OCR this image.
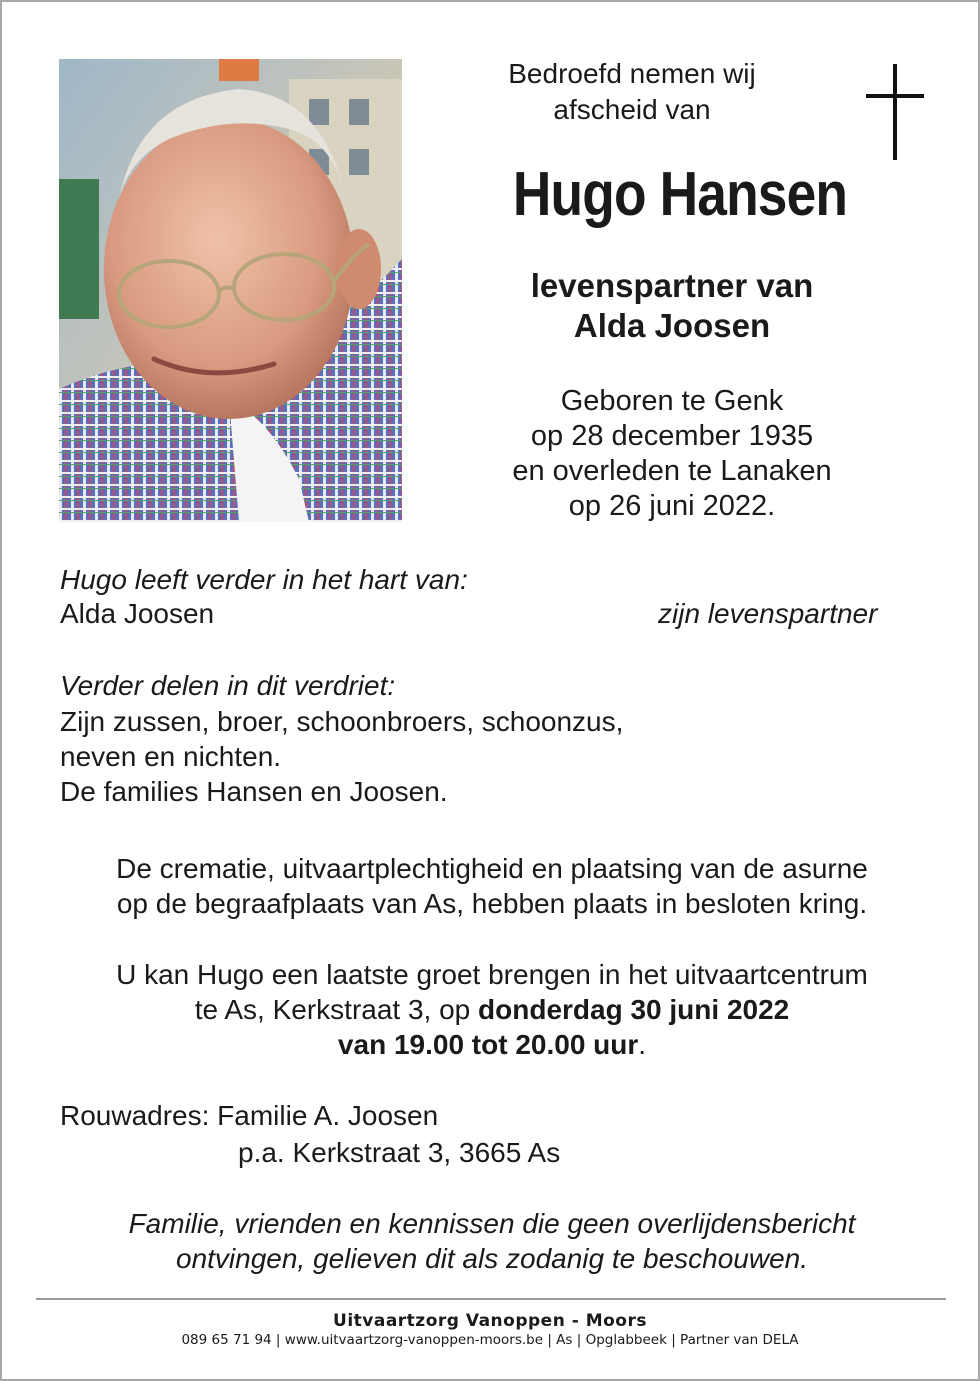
Bedroefd nemen wij
afscheid van
Hugo Hansen
levenspartner van
Alda Joosen
Geboren te Genk
op 28 december 1935
en overleden te Lanaken
op 26 juni 2022.
Hugo leeft verder in het hart van:
Alda Joosen	zijn levenspartner
Verder delen in dit verdriet:
Zijn zussen, broer, schoonbroers, schoonzus,
neven en nichten.
De families Hansen en Joosen.
De crematie, uitvaartplechtigheid en plaatsing van de asurne
op de begraafplaats van As, hebben plaats in besloten kring.
U kan Hugo een laatste groet brengen in het uitvaartcentrum
te As, Kerkstraat 3, op donderdag 30 juni 2022
van 19.00 tot 20.00 uur.
Rouwadres: Familie A. Joosen
p.a. Kerkstraat 3, 3665 As
Familie, vrienden en kennissen die geen overlijdensbericht
ontvingen, gelieven dit als zodanig te beschouwen.
Uitvaartzorg Vanoppen - Moors
089 65 71 94 | www.uitvaartzorg-vanoppen-moors.be | As | Opglabbeek | Partner van DELA
